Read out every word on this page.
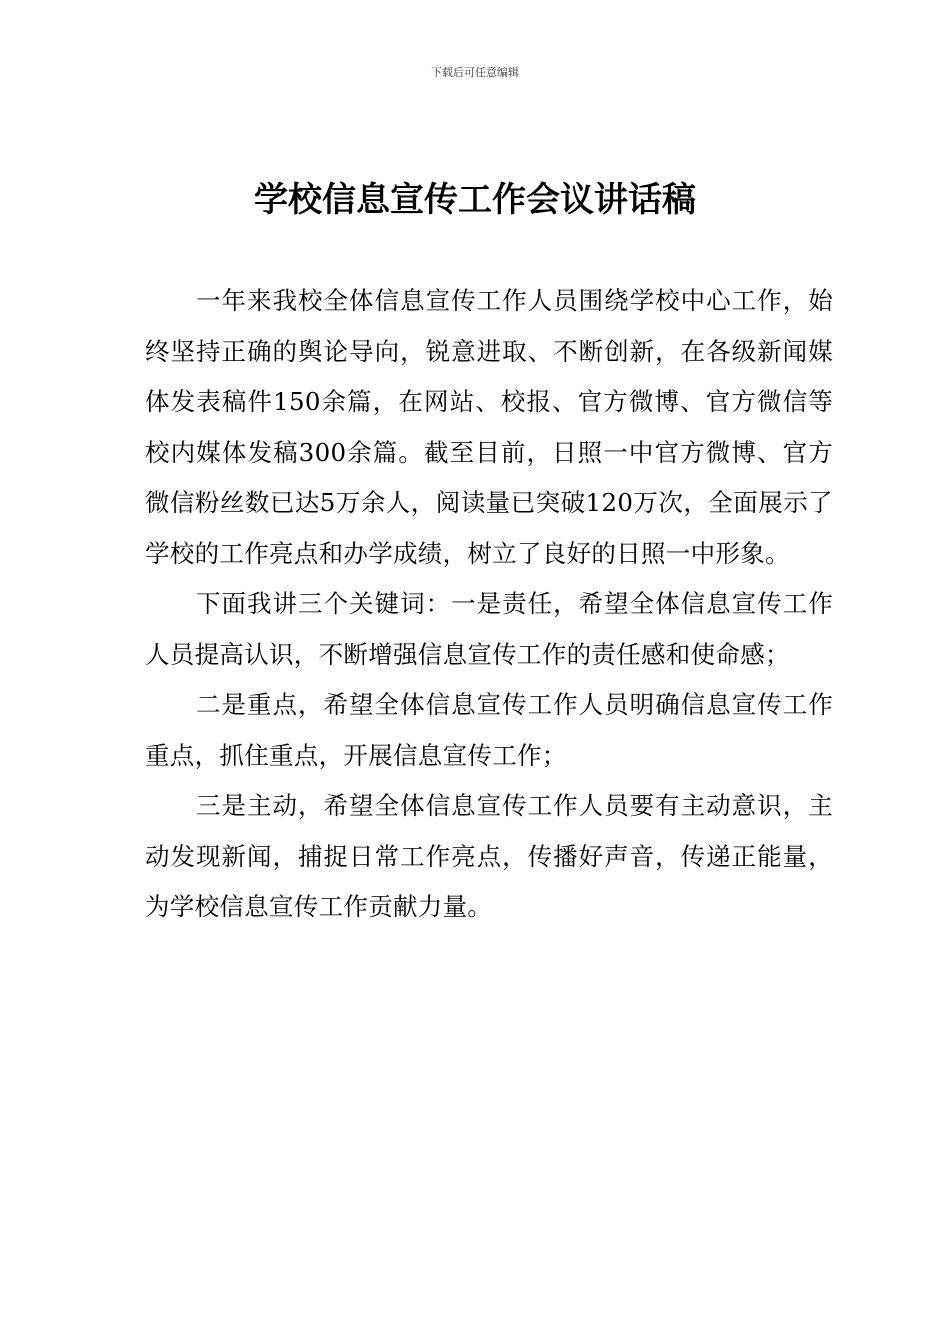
下载后可任意编辑
学校信息宣传工作会议讲话稿

一年来我校全体信息宣传工作人员围绕学校中心工作，始终坚持正确的舆论导向，锐意进取、不断创新，在各级新闻媒体发表稿件150余篇，在网站、校报、官方微博、官方微信等校内媒体发稿300余篇。截至目前，日照一中官方微博、官方微信粉丝数已达5万余人，阅读量已突破120万次，全面展示了学校的工作亮点和办学成绩，树立了良好的日照一中形象。

下面我讲三个关键词：一是责任，希望全体信息宣传工作人员提高认识，不断增强信息宣传工作的责任感和使命感；

二是重点，希望全体信息宣传工作人员明确信息宣传工作重点，抓住重点，开展信息宣传工作；

三是主动，希望全体信息宣传工作人员要有主动意识，主动发现新闻，捕捉日常工作亮点，传播好声音，传递正能量，为学校信息宣传工作贡献力量。
